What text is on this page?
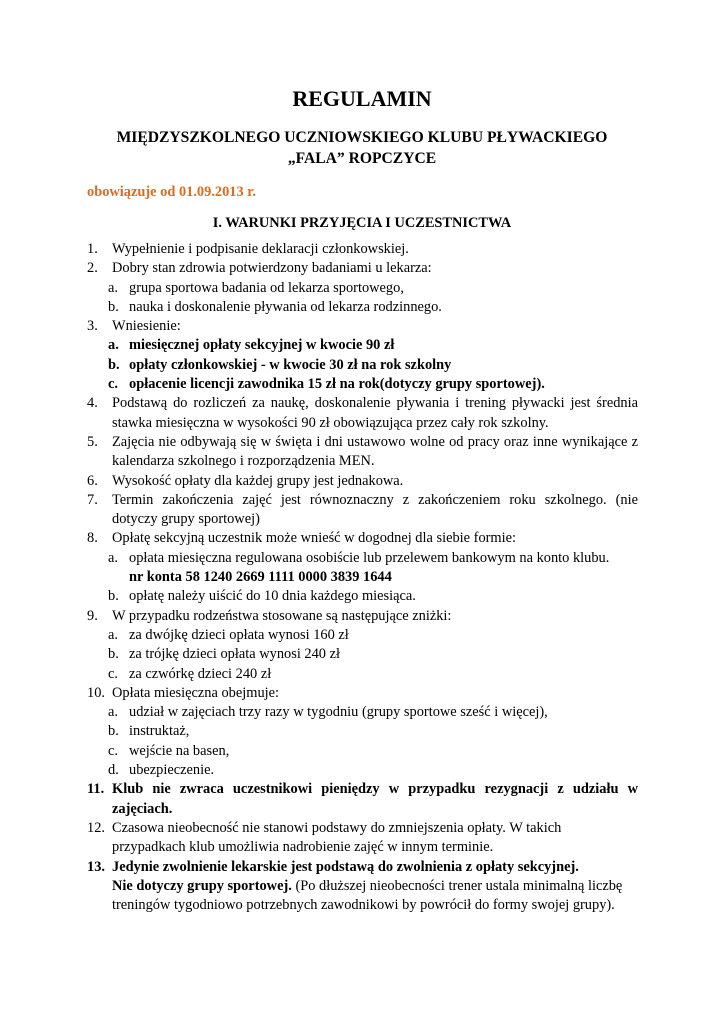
REGULAMIN
MIĘDZYSZKOLNEGO UCZNIOWSKIEGO KLUBU PŁYWACKIEGO
„FALA” ROPCZYCE
obowiązuje od 01.09.2013 r.
I. WARUNKI PRZYJĘCIA I UCZESTNICTWA
1. Wypełnienie i podpisanie deklaracji członkowskiej.
2. Dobry stan zdrowia potwierdzony badaniami u lekarza:
a. grupa sportowa badania od lekarza sportowego,
b. nauka i doskonalenie pływania od lekarza rodzinnego.
3. Wniesienie:
a. miesięcznej opłaty sekcyjnej w kwocie 90 zł
b. opłaty członkowskiej - w kwocie 30 zł na rok szkolny
c. opłacenie licencji zawodnika 15 zł na rok(dotyczy grupy sportowej).
4. Podstawą do rozliczeń za naukę, doskonalenie pływania i trening pływacki jest średnia stawka miesięczna w wysokości 90 zł obowiązująca przez cały rok szkolny.
5. Zajęcia nie odbywają się w święta i dni ustawowo wolne od pracy oraz inne wynikające z kalendarza szkolnego i rozporządzenia MEN.
6. Wysokość opłaty dla każdej grupy jest jednakowa.
7. Termin zakończenia zajęć jest równoznaczny z zakończeniem roku szkolnego. (nie dotyczy grupy sportowej)
8. Opłatę sekcyjną uczestnik może wnieść w dogodnej dla siebie formie:
a. opłata miesięczna regulowana osobiście lub przelewem bankowym na konto klubu.
nr konta 58 1240 2669 1111 0000 3839 1644
b. opłatę należy uiścić do 10 dnia każdego miesiąca.
9. W przypadku rodzeństwa stosowane są następujące zniżki:
a. za dwójkę dzieci opłata wynosi 160 zł
b. za trójkę dzieci opłata wynosi 240 zł
c. za czwórkę dzieci 240 zł
10. Opłata miesięczna obejmuje:
a. udział w zajęciach trzy razy w tygodniu (grupy sportowe sześć i więcej),
b. instruktaż,
c. wejście na basen,
d. ubezpieczenie.
11. Klub nie zwraca uczestnikowi pieniędzy w przypadku rezygnacji z udziału w zajęciach.
12. Czasowa nieobecność nie stanowi podstawy do zmniejszenia opłaty. W takich przypadkach klub umożliwia nadrobienie zajęć w innym terminie.
13. Jedynie zwolnienie lekarskie jest podstawą do zwolnienia z opłaty sekcyjnej.
Nie dotyczy grupy sportowej. (Po dłuższej nieobecności trener ustala minimalną liczbę treningów tygodniowo potrzebnych zawodnikowi by powrócił do formy swojej grupy).
